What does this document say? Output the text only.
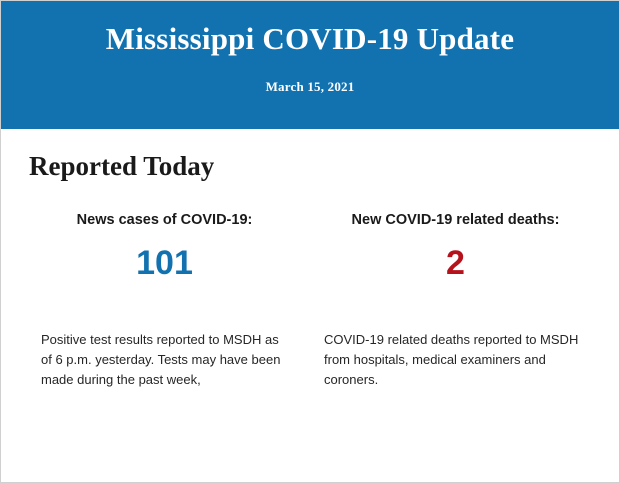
Mississippi COVID-19 Update
March 15, 2021
Reported Today
News cases of COVID-19:
101
New COVID-19 related deaths:
2
Positive test results reported to MSDH as of 6 p.m. yesterday. Tests may have been made during the past week,
COVID-19 related deaths reported to MSDH from hospitals, medical examiners and coroners.
